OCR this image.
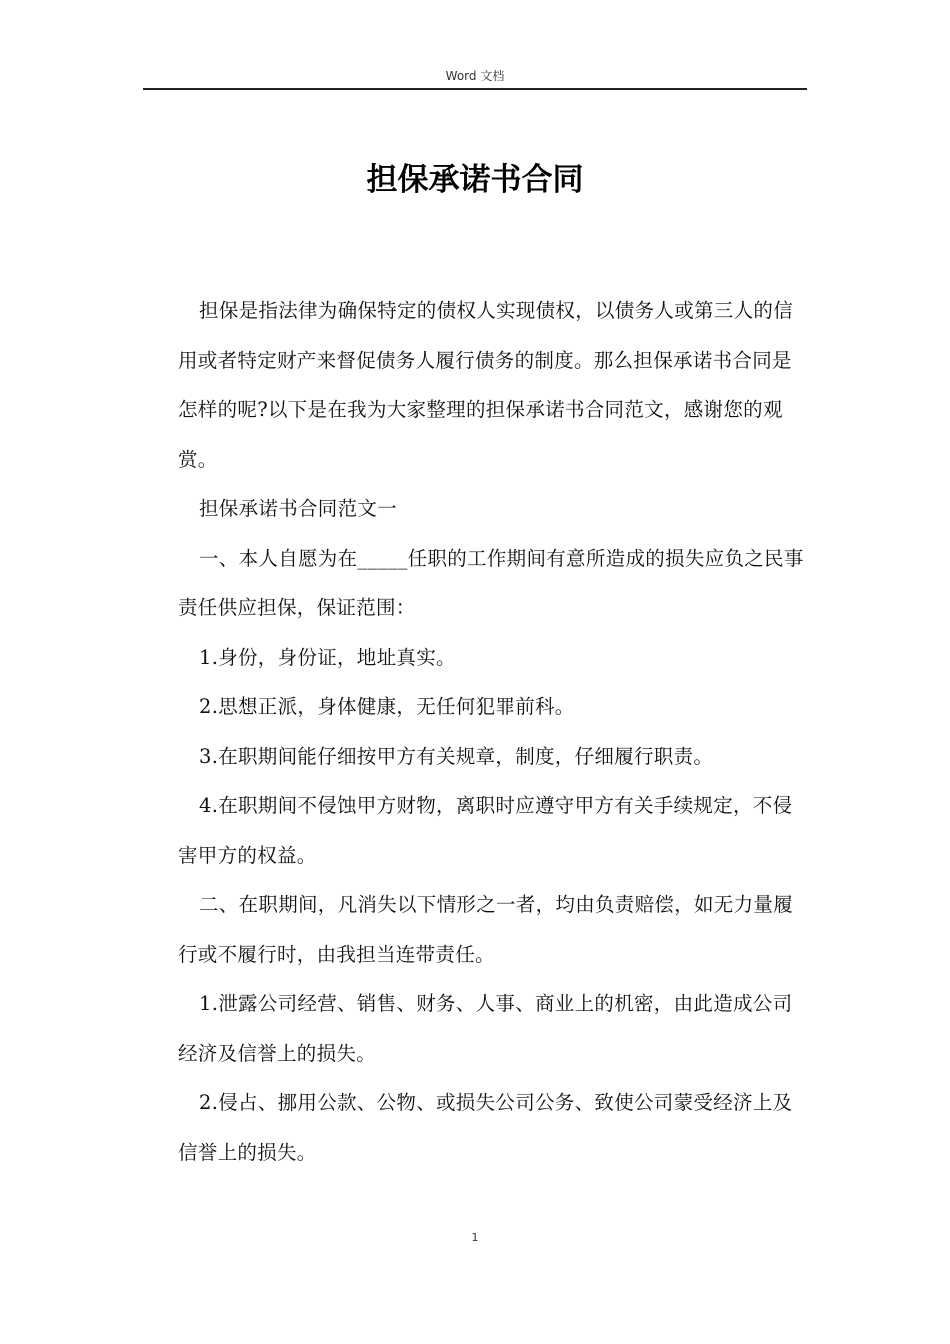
Word 文档
担保承诺书合同

担保是指法律为确保特定的债权人实现债权，以债务人或第三人的信用或者特定财产来督促债务人履行债务的制度。那么担保承诺书合同是怎样的呢?以下是在我为大家整理的担保承诺书合同范文，感谢您的观赏。

担保承诺书合同范文一

一、本人自愿为在_____任职的工作期间有意所造成的损失应负之民事责任供应担保，保证范围：

1.身份，身份证，地址真实。

2.思想正派，身体健康，无任何犯罪前科。

3.在职期间能仔细按甲方有关规章，制度，仔细履行职责。

4.在职期间不侵蚀甲方财物，离职时应遵守甲方有关手续规定，不侵害甲方的权益。

二、在职期间，凡消失以下情形之一者，均由负责赔偿，如无力量履行或不履行时，由我担当连带责任。

1.泄露公司经营、销售、财务、人事、商业上的机密，由此造成公司经济及信誉上的损失。

2.侵占、挪用公款、公物、或损失公司公务、致使公司蒙受经济上及信誉上的损失。

1
